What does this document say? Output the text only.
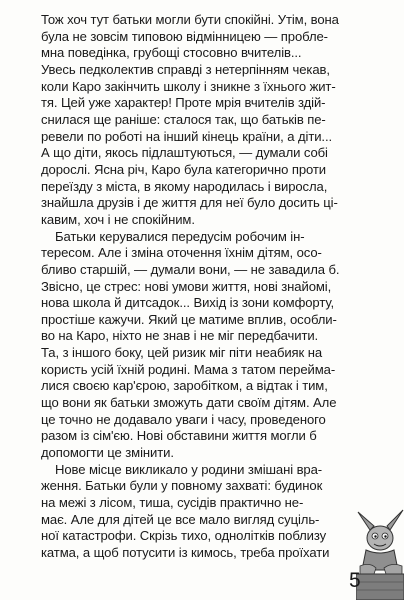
Тож хоч тут батьки могли бути спокійні. Утім, вона
була не зовсім типовою відмінницею — пробле-
мна поведінка, грубощі стосовно вчителів...
Увесь педколектив справді з нетерпінням чекав,
коли Каро закінчить школу і зникне з їхнього жит-
тя. Цей уже характер! Проте мрія вчителів здій-
снилася ще раніше: сталося так, що батьків пе-
ревели по роботі на інший кінець країни, а діти...
А що діти, якось підлаштуються, — думали собі
дорослі. Ясна річ, Каро була категорично проти
переїзду з міста, в якому народилась і виросла,
знайшла друзів і де життя для неї було досить ці-
кавим, хоч і не спокійним.
Батьки керувалися передусім робочим ін-
тересом. Але і зміна оточення їхнім дітям, осо-
бливо старшій, — думали вони, — не завадила б.
Звісно, це стрес: нові умови життя, нові знайомі,
нова школа й дитсадок... Вихід із зони комфорту,
простіше кажучи. Який це матиме вплив, особли-
во на Каро, ніхто не знав і не міг передбачити.
Та, з іншого боку, цей ризик міг піти неабияк на
користь усій їхній родині. Мама з татом перейма-
лися своєю кар'єрою, заробітком, а відтак і тим,
що вони як батьки зможуть дати своїм дітям. Але
це точно не додавало уваги і часу, проведеного
разом із сім'єю. Нові обставини життя могли б
допомогти це змінити.
Нове місце викликало у родини змішані вра-
ження. Батьки були у повному захваті: будинок
на межі з лісом, тиша, сусідів практично не-
має. Але для дітей це все мало вигляд суціль-
ної катастрофи. Скрізь тихо, однолітків поблизу
катма, а щоб потусити із кимось, треба проїхати
5
